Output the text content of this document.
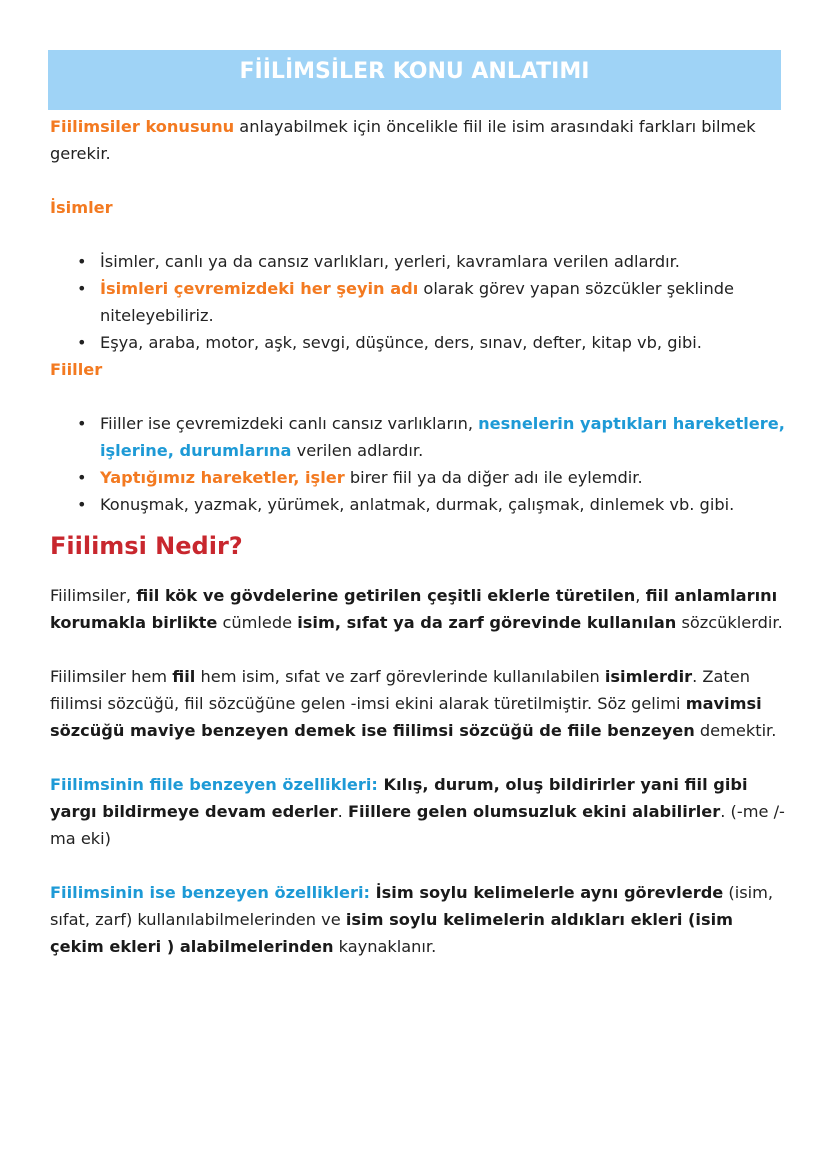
FİİLİMSİLER KONU ANLATIMI

Fiilimsiler konusunu anlayabilmek için öncelikle fiil ile isim arasındaki farkları bilmek gerekir.

İsimler

• İsimler, canlı ya da cansız varlıkları, yerleri, kavramlara verilen adlardır.
• İsimleri çevremizdeki her şeyin adı olarak görev yapan sözcükler şeklinde niteleyebiliriz.
• Eşya, araba, motor, aşk, sevgi, düşünce, ders, sınav, defter, kitap vb, gibi.

Fiiller

• Fiiller ise çevremizdeki canlı cansız varlıkların, nesnelerin yaptıkları hareketlere, işlerine, durumlarına verilen adlardır.
• Yaptığımız hareketler, işler birer fiil ya da diğer adı ile eylemdir.
• Konuşmak, yazmak, yürümek, anlatmak, durmak, çalışmak, dinlemek vb. gibi.

Fiilimsi Nedir?

Fiilimsiler, fiil kök ve gövdelerine getirilen çeşitli eklerle türetilen, fiil anlamlarını korumakla birlikte cümlede isim, sıfat ya da zarf görevinde kullanılan sözcüklerdir.

Fiilimsiler hem fiil hem isim, sıfat ve zarf görevlerinde kullanılabilen isimlerdir. Zaten fiilimsi sözcüğü, fiil sözcüğüne gelen -imsi ekini alarak türetilmiştir. Söz gelimi mavimsi sözcüğü maviye benzeyen demek ise fiilimsi sözcüğü de fiile benzeyen demektir.

Fiilimsinin fiile benzeyen özellikleri: Kılış, durum, oluş bildirirler yani fiil gibi yargı bildirmeye devam ederler. Fiillere gelen olumsuzluk ekini alabilirler. (-me /-ma eki)

Fiilimsinin ise benzeyen özellikleri: İsim soylu kelimelerle aynı görevlerde (isim, sıfat, zarf) kullanılabilmelerinden ve isim soylu kelimelerin aldıkları ekleri (isim çekim ekleri ) alabilmelerinden kaynaklanır.
